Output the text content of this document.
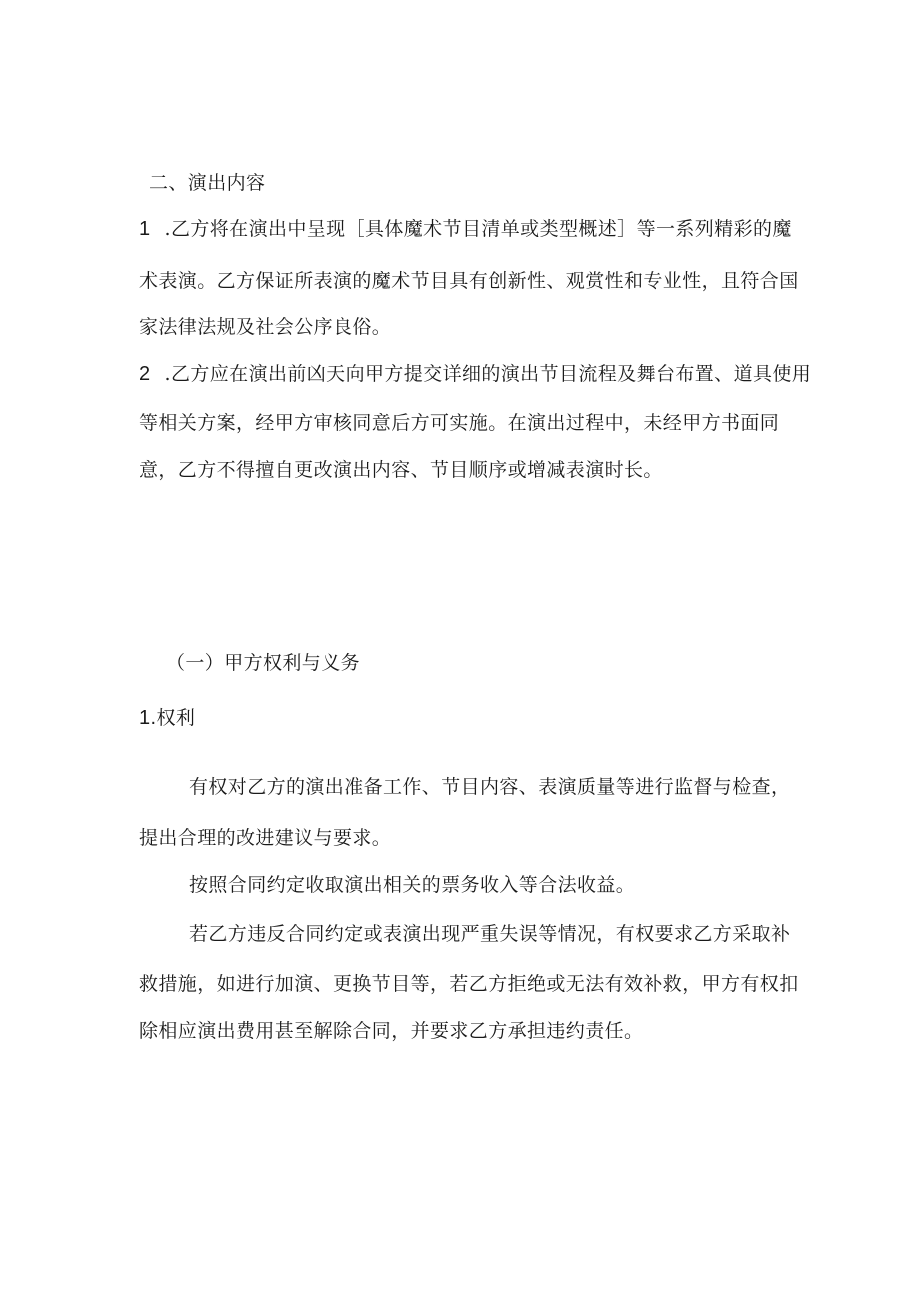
二、演出内容
1 .乙方将在演出中呈现［具体魔术节目清单或类型概述］等一系列精彩的魔
术表演。乙方保证所表演的魔术节目具有创新性、观赏性和专业性，且符合国
家法律法规及社会公序良俗。
2 .乙方应在演出前凶天向甲方提交详细的演出节目流程及舞台布置、道具使用
等相关方案，经甲方审核同意后方可实施。在演出过程中，未经甲方书面同
意，乙方不得擅自更改演出内容、节目顺序或增减表演时长。
（一）甲方权利与义务
1.权利
有权对乙方的演出准备工作、节目内容、表演质量等进行监督与检查，
提出合理的改进建议与要求。
按照合同约定收取演出相关的票务收入等合法收益。
若乙方违反合同约定或表演出现严重失误等情况，有权要求乙方采取补
救措施，如进行加演、更换节目等，若乙方拒绝或无法有效补救，甲方有权扣
除相应演出费用甚至解除合同，并要求乙方承担违约责任。
